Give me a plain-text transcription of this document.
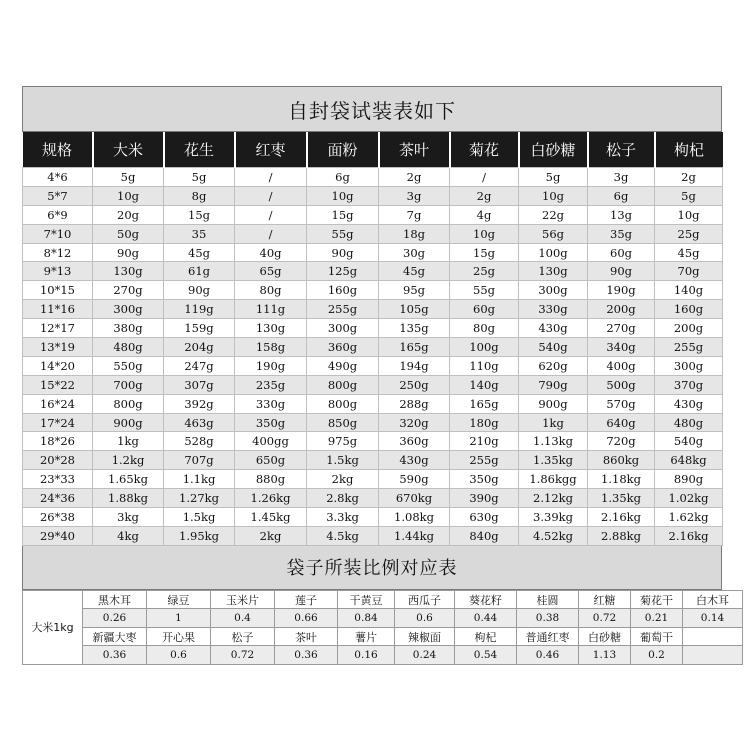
自封袋试装表如下
规格	大米	花生	红枣	面粉	茶叶	菊花	白砂糖	松子	枸杞
4*6	5g	5g	/	6g	2g	/	5g	3g	2g
5*7	10g	8g	/	10g	3g	2g	10g	6g	5g
6*9	20g	15g	/	15g	7g	4g	22g	13g	10g
7*10	50g	35	/	55g	18g	10g	56g	35g	25g
8*12	90g	45g	40g	90g	30g	15g	100g	60g	45g
9*13	130g	61g	65g	125g	45g	25g	130g	90g	70g
10*15	270g	90g	80g	160g	95g	55g	300g	190g	140g
11*16	300g	119g	111g	255g	105g	60g	330g	200g	160g
12*17	380g	159g	130g	300g	135g	80g	430g	270g	200g
13*19	480g	204g	158g	360g	165g	100g	540g	340g	255g
14*20	550g	247g	190g	490g	194g	110g	620g	400g	300g
15*22	700g	307g	235g	800g	250g	140g	790g	500g	370g
16*24	800g	392g	330g	800g	288g	165g	900g	570g	430g
17*24	900g	463g	350g	850g	320g	180g	1kg	640g	480g
18*26	1kg	528g	400gg	975g	360g	210g	1.13kg	720g	540g
20*28	1.2kg	707g	650g	1.5kg	430g	255g	1.35kg	860kg	648kg
23*33	1.65kg	1.1kg	880g	2kg	590g	350g	1.86kgg	1.18kg	890g
24*36	1.88kg	1.27kg	1.26kg	2.8kg	670kg	390g	2.12kg	1.35kg	1.02kg
26*38	3kg	1.5kg	1.45kg	3.3kg	1.08kg	630g	3.39kg	2.16kg	1.62kg
29*40	4kg	1.95kg	2kg	4.5kg	1.44kg	840g	4.52kg	2.88kg	2.16kg
袋子所装比例对应表
大米1kg	黑木耳	绿豆	玉米片	莲子	干黄豆	西瓜子	葵花籽	桂圆	红糖	菊花干	白木耳
	0.26	1	0.4	0.66	0.84	0.6	0.44	0.38	0.72	0.21	0.14
	新疆大枣	开心果	松子	茶叶	薯片	辣椒面	枸杞	普通红枣	白砂糖	葡萄干	
	0.36	0.6	0.72	0.36	0.16	0.24	0.54	0.46	1.13	0.2	
